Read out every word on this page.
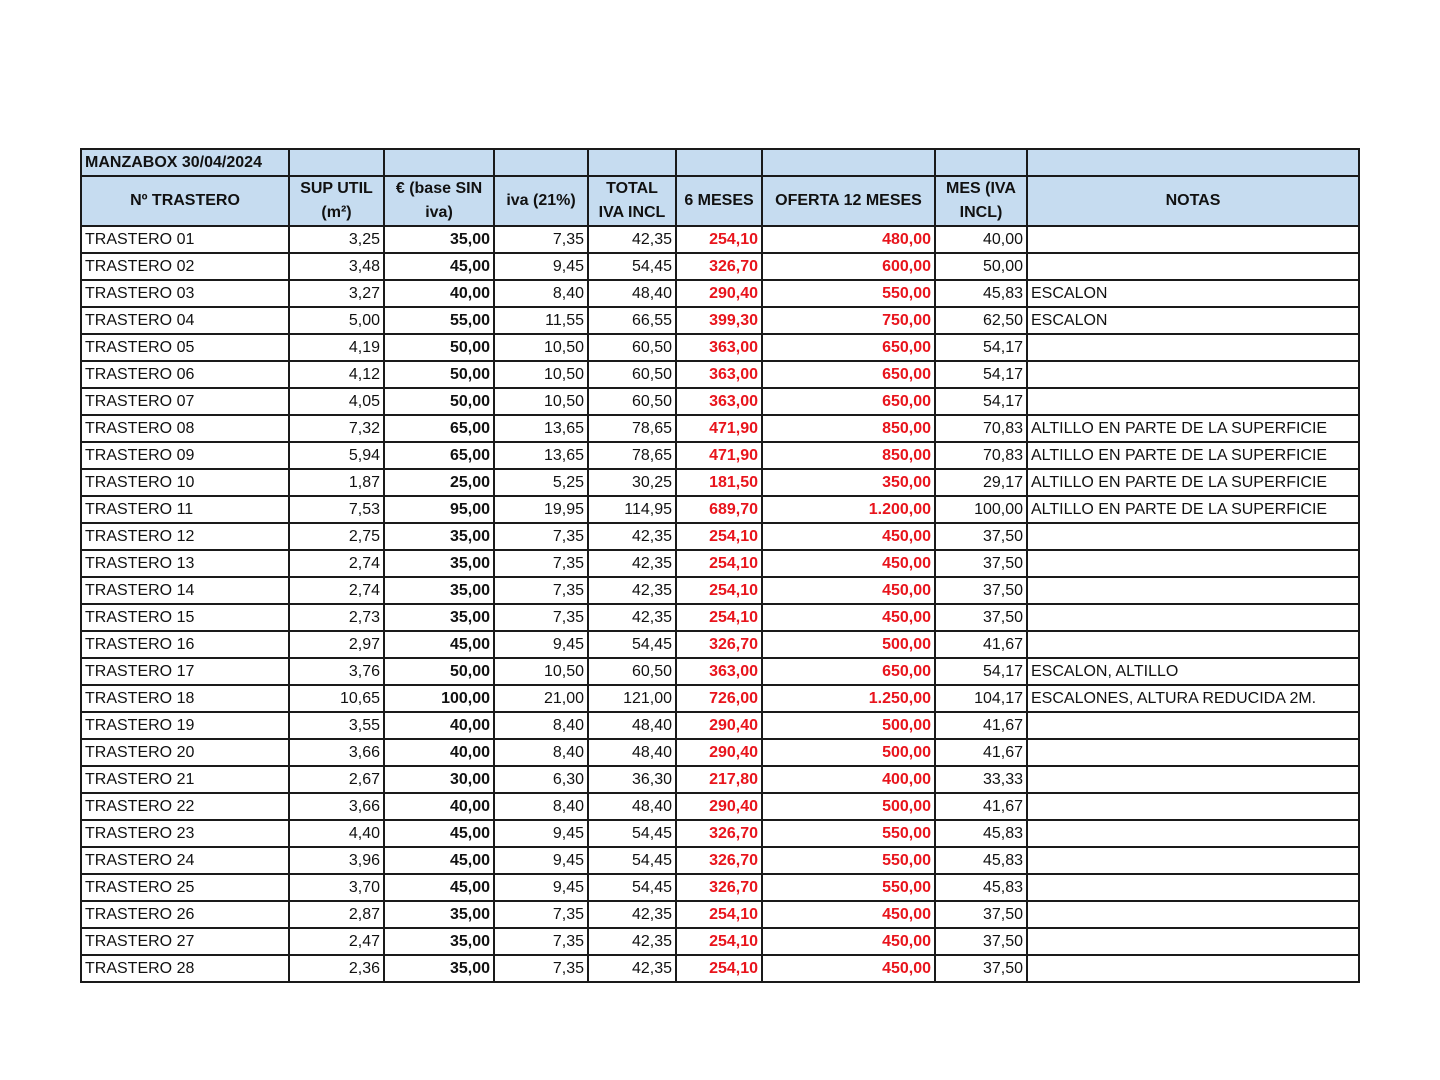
MANZABOX 30/04/2024								
Nº TRASTERO	SUP UTIL (m²)	€ (base SIN iva)	iva (21%)	TOTAL IVA INCL	6 MESES	OFERTA 12 MESES	MES (IVA INCL)	NOTAS
TRASTERO 01	3,25	35,00	7,35	42,35	254,10	480,00	40,00	
TRASTERO 02	3,48	45,00	9,45	54,45	326,70	600,00	50,00	
TRASTERO 03	3,27	40,00	8,40	48,40	290,40	550,00	45,83	ESCALON
TRASTERO 04	5,00	55,00	11,55	66,55	399,30	750,00	62,50	ESCALON
TRASTERO 05	4,19	50,00	10,50	60,50	363,00	650,00	54,17	
TRASTERO 06	4,12	50,00	10,50	60,50	363,00	650,00	54,17	
TRASTERO 07	4,05	50,00	10,50	60,50	363,00	650,00	54,17	
TRASTERO 08	7,32	65,00	13,65	78,65	471,90	850,00	70,83	ALTILLO EN PARTE DE LA SUPERFICIE
TRASTERO 09	5,94	65,00	13,65	78,65	471,90	850,00	70,83	ALTILLO EN PARTE DE LA SUPERFICIE
TRASTERO 10	1,87	25,00	5,25	30,25	181,50	350,00	29,17	ALTILLO EN PARTE DE LA SUPERFICIE
TRASTERO 11	7,53	95,00	19,95	114,95	689,70	1.200,00	100,00	ALTILLO EN PARTE DE LA SUPERFICIE
TRASTERO 12	2,75	35,00	7,35	42,35	254,10	450,00	37,50	
TRASTERO 13	2,74	35,00	7,35	42,35	254,10	450,00	37,50	
TRASTERO 14	2,74	35,00	7,35	42,35	254,10	450,00	37,50	
TRASTERO 15	2,73	35,00	7,35	42,35	254,10	450,00	37,50	
TRASTERO 16	2,97	45,00	9,45	54,45	326,70	500,00	41,67	
TRASTERO 17	3,76	50,00	10,50	60,50	363,00	650,00	54,17	ESCALON, ALTILLO
TRASTERO 18	10,65	100,00	21,00	121,00	726,00	1.250,00	104,17	ESCALONES, ALTURA REDUCIDA 2M.
TRASTERO 19	3,55	40,00	8,40	48,40	290,40	500,00	41,67	
TRASTERO 20	3,66	40,00	8,40	48,40	290,40	500,00	41,67	
TRASTERO 21	2,67	30,00	6,30	36,30	217,80	400,00	33,33	
TRASTERO 22	3,66	40,00	8,40	48,40	290,40	500,00	41,67	
TRASTERO 23	4,40	45,00	9,45	54,45	326,70	550,00	45,83	
TRASTERO 24	3,96	45,00	9,45	54,45	326,70	550,00	45,83	
TRASTERO 25	3,70	45,00	9,45	54,45	326,70	550,00	45,83	
TRASTERO 26	2,87	35,00	7,35	42,35	254,10	450,00	37,50	
TRASTERO 27	2,47	35,00	7,35	42,35	254,10	450,00	37,50	
TRASTERO 28	2,36	35,00	7,35	42,35	254,10	450,00	37,50	
